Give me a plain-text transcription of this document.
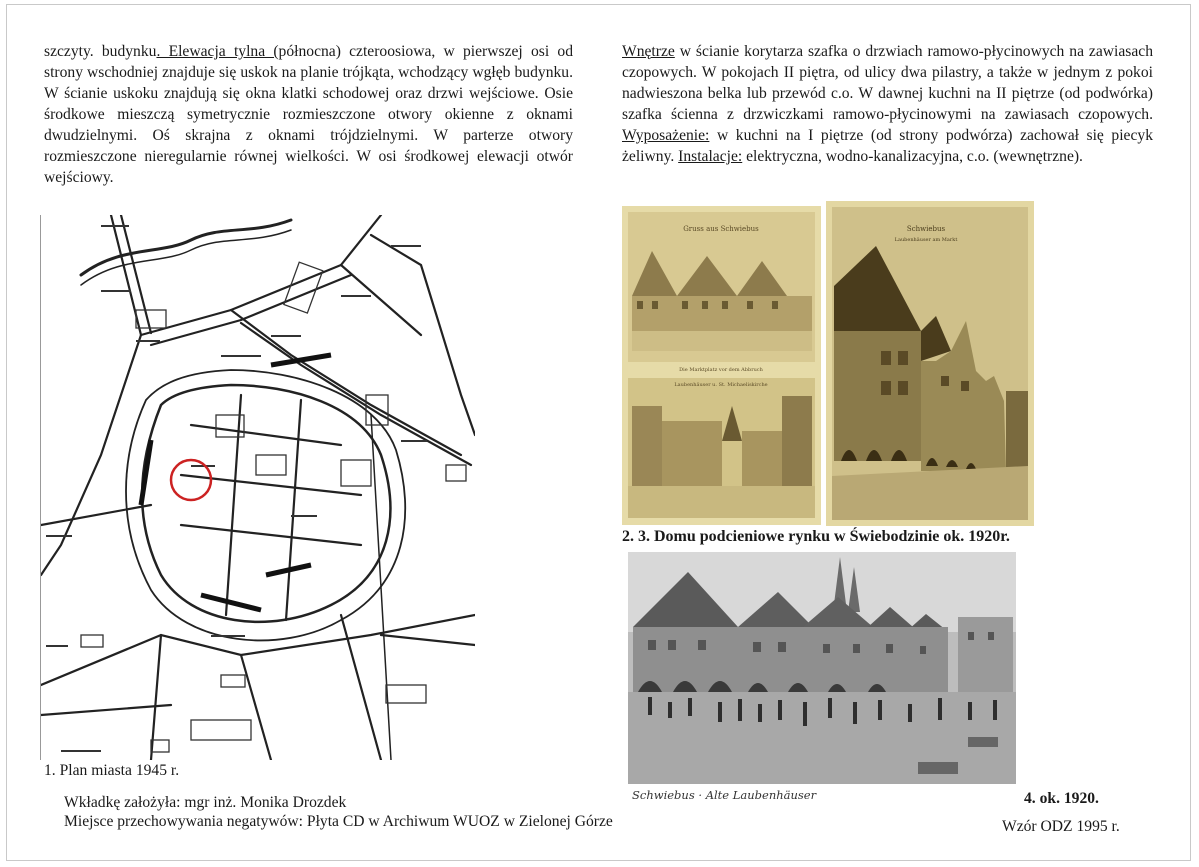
szczyty. budynku. Elewacja tylna (północna) czteroosiowa, w pierwszej osi od strony wschodniej znajduje się uskok na planie trójkąta, wchodzący wgłęb budynku. W ścianie uskoku znajdują się okna klatki schodowej oraz drzwi wejściowe. Osie środkowe mieszczą symetrycznie rozmieszczone otwory okienne z oknami dwudzielnymi. Oś skrajna z oknami trójdzielnymi. W parterze otwory rozmieszczone nieregularnie równej wielkości. W osi środkowej elewacji otwór wejściowy.
Wnętrze w ścianie korytarza szafka o drzwiach ramowo-płycinowych na zawiasach czopowych. W pokojach II piętra, od ulicy dwa pilastry, a także w jednym z pokoi nadwieszona belka lub przewód c.o. W dawnej kuchni na II piętrze (od podwórka) szafka ścienna z drzwiczkami ramowo-płycinowymi na zawiasach czopowych. Wyposażenie: w kuchni na I piętrze (od strony podwórza) zachował się piecyk żeliwny. Instalacje: elektryczna, wodno-kanalizacyjna, c.o. (wewnętrzne).
1. Plan miasta 1945 r.
Gruss aus Schwiebus
Die Marktplatz vor dem Abbruch
Laubenhäuser u. St. Michaeliskirche
Schwiebus
Laubenhäuser am Markt
2. 3. Domu podcieniowe rynku w Świebodzinie ok. 1920r.
Schwiebus · Alte Laubenhäuser	4. ok. 1920.
Wkładkę założyła: mgr inż. Monika Drozdek
Miejsce przechowywania negatywów: Płyta CD w Archiwum WUOZ w Zielonej Górze	Wzór ODZ 1995 r.
